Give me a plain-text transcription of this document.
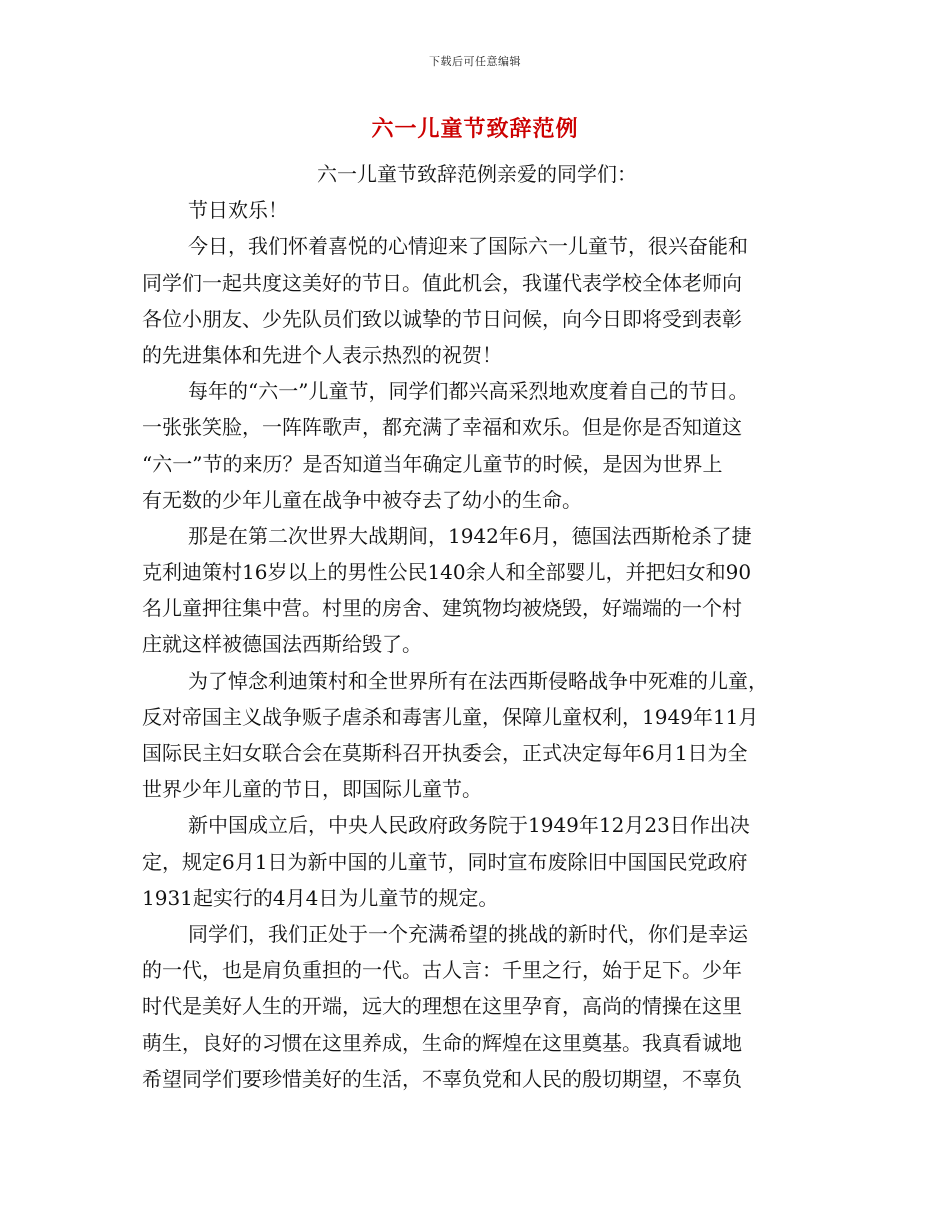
下载后可任意编辑
六一儿童节致辞范例
六一儿童节致辞范例亲爱的同学们：
节日欢乐！
今日，我们怀着喜悦的心情迎来了国际六一儿童节，很兴奋能和
同学们一起共度这美好的节日。值此机会，我谨代表学校全体老师向
各位小朋友、少先队员们致以诚挚的节日问候，向今日即将受到表彰
的先进集体和先进个人表示热烈的祝贺！
每年的“六一”儿童节，同学们都兴高采烈地欢度着自己的节日。
一张张笑脸，一阵阵歌声，都充满了幸福和欢乐。但是你是否知道这
“六一”节的来历？是否知道当年确定儿童节的时候，是因为世界上
有无数的少年儿童在战争中被夺去了幼小的生命。
那是在第二次世界大战期间，1942年6月，德国法西斯枪杀了捷
克利迪策村16岁以上的男性公民140余人和全部婴儿，并把妇女和90
名儿童押往集中营。村里的房舍、建筑物均被烧毁，好端端的一个村
庄就这样被德国法西斯给毁了。
为了悼念利迪策村和全世界所有在法西斯侵略战争中死难的儿童，
反对帝国主义战争贩子虐杀和毒害儿童，保障儿童权利，1949年11月
国际民主妇女联合会在莫斯科召开执委会，正式决定每年6月1日为全
世界少年儿童的节日，即国际儿童节。
新中国成立后，中央人民政府政务院于1949年12月23日作出决
定，规定6月1日为新中国的儿童节，同时宣布废除旧中国国民党政府
1931起实行的4月4日为儿童节的规定。
同学们，我们正处于一个充满希望的挑战的新时代，你们是幸运
的一代，也是肩负重担的一代。古人言：千里之行，始于足下。少年
时代是美好人生的开端，远大的理想在这里孕育，高尚的情操在这里
萌生，良好的习惯在这里养成，生命的辉煌在这里奠基。我真看诚地
希望同学们要珍惜美好的生活，不辜负党和人民的殷切期望，不辜负
